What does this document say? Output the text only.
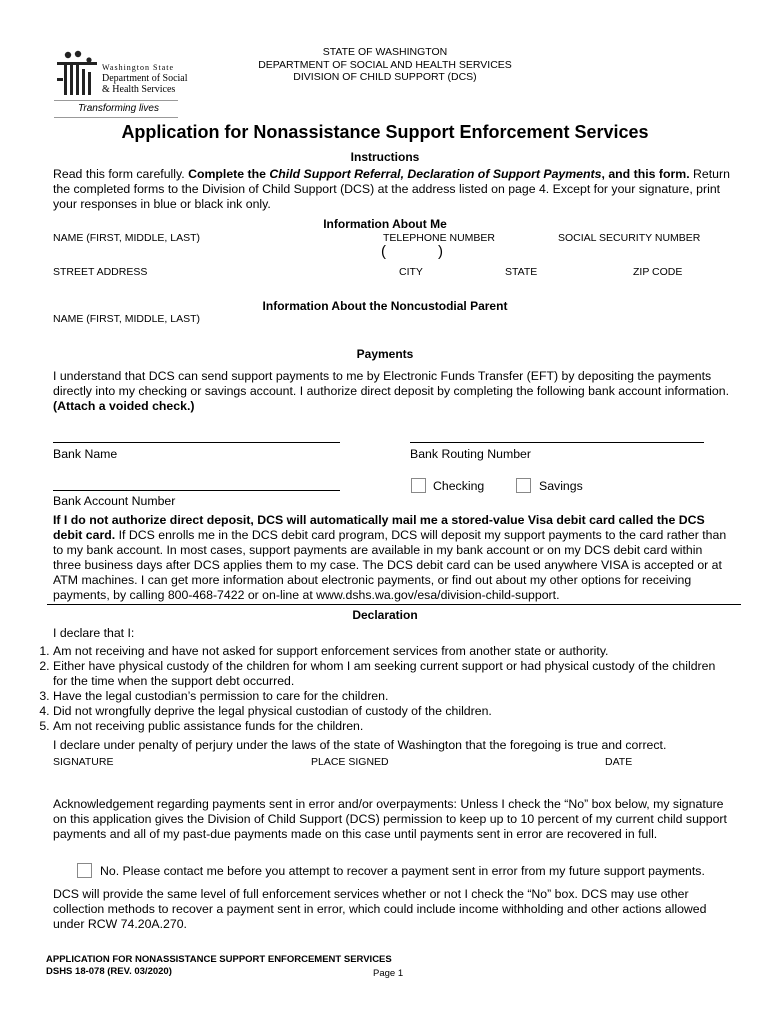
Washington State
Department of Social
& Health Services
Transforming lives
STATE OF WASHINGTON
DEPARTMENT OF SOCIAL AND HEALTH SERVICES
DIVISION OF CHILD SUPPORT (DCS)
Application for Nonassistance Support Enforcement Services
Instructions
Read this form carefully. Complete the Child Support Referral, Declaration of Support Payments, and this form. Return the completed forms to the Division of Child Support (DCS) at the address listed on page 4. Except for your signature, print your responses in blue or black ink only.
Information About Me
NAME (FIRST, MIDDLE, LAST)	TELEPHONE NUMBER	SOCIAL SECURITY NUMBER
(	)
STREET ADDRESS	CITY	STATE	ZIP CODE
Information About the Noncustodial Parent
NAME (FIRST, MIDDLE, LAST)
Payments
I understand that DCS can send support payments to me by Electronic Funds Transfer (EFT) by depositing the payments directly into my checking or savings account. I authorize direct deposit by completing the following bank account information. (Attach a voided check.)
Bank Name	Bank Routing Number
Checking	Savings
Bank Account Number
If I do not authorize direct deposit, DCS will automatically mail me a stored-value Visa debit card called the DCS debit card. If DCS enrolls me in the DCS debit card program, DCS will deposit my support payments to the card rather than to my bank account. In most cases, support payments are available in my bank account or on my DCS debit card within three business days after DCS applies them to my case. The DCS debit card can be used anywhere VISA is accepted or at ATM machines. I can get more information about electronic payments, or find out about my other options for receiving payments, by calling 800-468-7422 or on-line at www.dshs.wa.gov/esa/division-child-support.
Declaration
I declare that I:
1. Am not receiving and have not asked for support enforcement services from another state or authority.
2. Either have physical custody of the children for whom I am seeking current support or had physical custody of the children for the time when the support debt occurred.
3. Have the legal custodian’s permission to care for the children.
4. Did not wrongfully deprive the legal physical custodian of custody of the children.
5. Am not receiving public assistance funds for the children.
I declare under penalty of perjury under the laws of the state of Washington that the foregoing is true and correct.
SIGNATURE	PLACE SIGNED	DATE
Acknowledgement regarding payments sent in error and/or overpayments: Unless I check the “No” box below, my signature on this application gives the Division of Child Support (DCS) permission to keep up to 10 percent of my current child support payments and all of my past-due payments made on this case until payments sent in error are recovered in full.
No. Please contact me before you attempt to recover a payment sent in error from my future support payments.
DCS will provide the same level of full enforcement services whether or not I check the “No” box. DCS may use other collection methods to recover a payment sent in error, which could include income withholding and other actions allowed under RCW 74.20A.270.
APPLICATION FOR NONASSISTANCE SUPPORT ENFORCEMENT SERVICES
DSHS 18-078 (REV. 03/2020)	Page 1
